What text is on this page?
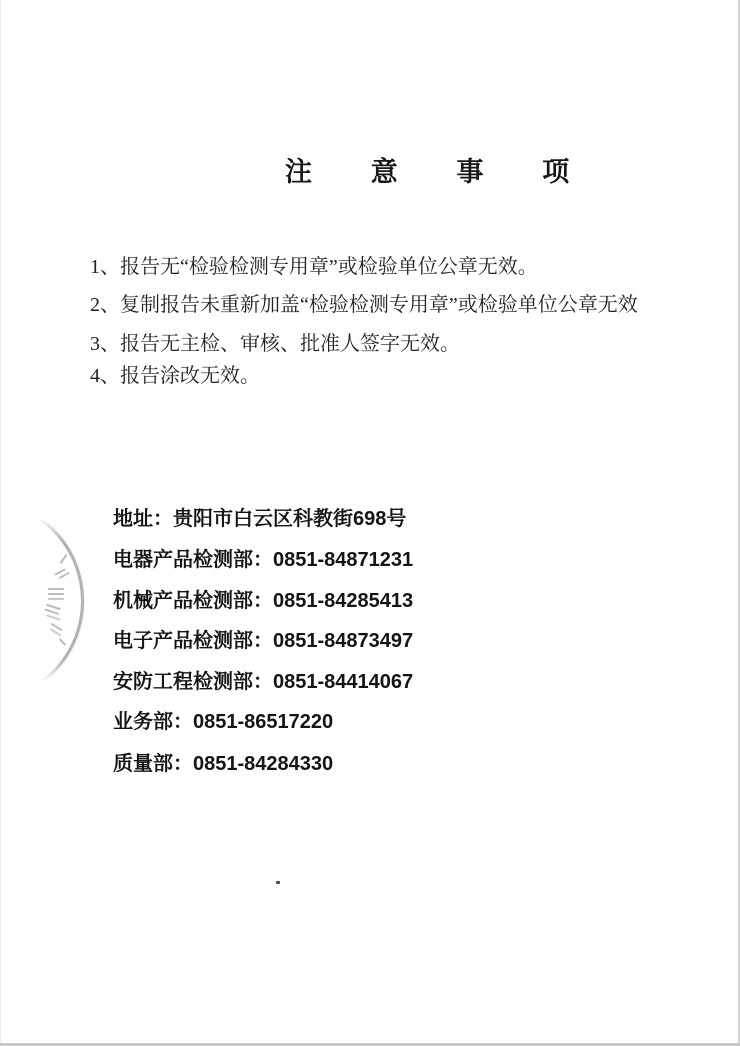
注 意 事 项
1、报告无“检验检测专用章”或检验单位公章无效。
2、复制报告未重新加盖“检验检测专用章”或检验单位公章无效
3、报告无主检、审核、批准人签字无效。
4、报告涂改无效。
地址：贵阳市白云区科教街698号
电器产品检测部：0851-84871231
机械产品检测部：0851-84285413
电子产品检测部：0851-84873497
安防工程检测部：0851-84414067
业务部：0851-86517220
质量部：0851-84284330
